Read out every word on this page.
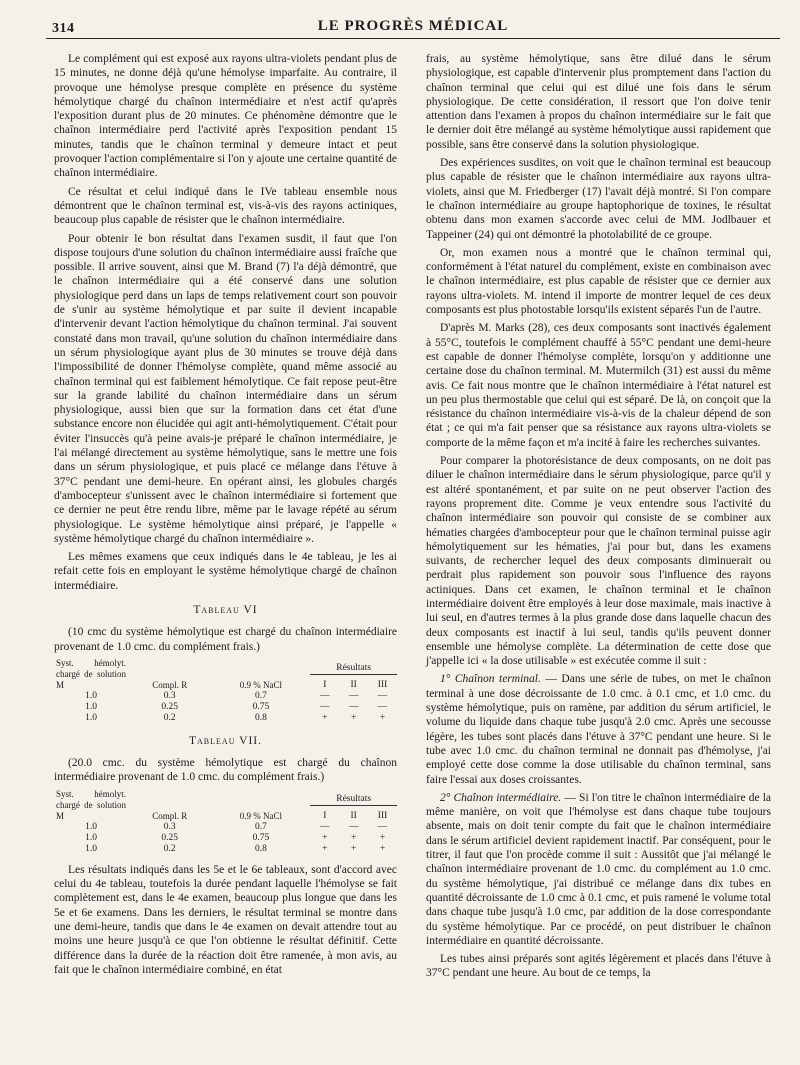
314	LE PROGRÈS MÉDICAL

Le complément qui est exposé aux rayons ultra-violets pendant plus de 15 minutes, ne donne déjà qu'une hémolyse imparfaite. Au contraire, il provoque une hémolyse presque complète en présence du système hémolytique chargé du chaînon intermédiaire et n'est actif qu'après l'exposition durant plus de 20 minutes. Ce phénomène démontre que le chaînon intermédiaire perd l'activité après l'exposition pendant 15 minutes, tandis que le chaînon terminal y demeure intact et peut provoquer l'action complémentaire si l'on y ajoute une certaine quantité de chaînon intermédiaire.

Ce résultat et celui indiqué dans le IVe tableau ensemble nous démontrent que le chaînon terminal est, vis-à-vis des rayons actiniques, beaucoup plus capable de résister que le chaînon intermédiaire.

Pour obtenir le bon résultat dans l'examen susdit, il faut que l'on dispose toujours d'une solution du chaînon intermédiaire aussi fraîche que possible. Il arrive souvent, ainsi que M. Brand (7) l'a déjà démontré, que le chaînon intermédiaire qui a été conservé dans une solution physiologique perd dans un laps de temps relativement court son pouvoir de s'unir au système hémolytique et par suite il devient incapable d'intervenir devant l'action hémolytique du chaînon terminal. J'ai souvent constaté dans mon travail, qu'une solution du chaînon intermédiaire dans un sérum physiologique ayant plus de 30 minutes se trouve déjà dans l'impossibilité de donner l'hémolyse complète, quand même associé au chaînon terminal qui est faiblement hémolytique. Ce fait repose peut-être sur la grande labilité du chaînon intermédiaire dans un sérum physiologique, aussi bien que sur la formation dans cet état d'une substance encore non élucidée qui agit anti-hémolytiquement. C'était pour éviter l'insuccès qu'à peine avais-je préparé le chaînon intermédiaire, je l'ai mélangé directement au système hémolytique, sans le mettre une fois dans un sérum physiologique, et puis placé ce mélange dans l'étuve à 37°C pendant une demi-heure. En opérant ainsi, les globules chargés d'ambocepteur s'unissent avec le chaînon intermédiaire si fortement que ce dernier ne peut être rendu libre, même par le lavage répété au sérum physiologique. Le système hémolytique ainsi préparé, je l'appelle « système hémolytique chargé du chaînon intermédiaire ».

Les mêmes examens que ceux indiqués dans le 4e tableau, je les ai refait cette fois en employant le système hémolytique chargé de chaînon intermédiaire.

Tableau VI

(10 cmc du système hémolytique est chargé du chaînon intermédiaire provenant de 1.0 cmc. du complément frais.)

Syst. hémolyt. chargé de solution M	Compl. R	0.9 % NaCl	Résultats		
			I	II	III
1.0	0.3	0.7	—	—	—
1.0	0.25	0.75	—	—	—
1.0	0.2	0.8	+	+	+
Tableau VII.

(20.0 cmc. du système hémolytique est chargé du chaînon intermédiaire provenant de 1.0 cmc. du complément frais.)

Syst. hémolyt. chargé de solution M	Compl. R	0.9 % NaCl	Résultats		
			I	II	III
1.0	0.3	0.7	—	—	—
1.0	0.25	0.75	+	+	+
1.0	0.2	0.8	+	+	+

Les résultats indiqués dans les 5e et le 6e tableaux, sont d'accord avec celui du 4e tableau, toutefois la durée pendant laquelle l'hémolyse se fait complètement est, dans le 4e examen, beaucoup plus longue que dans les 5e et 6e examens. Dans les derniers, le résultat terminal se montre dans une demi-heure, tandis que dans le 4e examen on devait attendre tout au moins une heure jusqu'à ce que l'on obtienne le résultat définitif. Cette différence dans la durée de la réaction doit être ramenée, à mon avis, au fait que le chaînon intermédiaire combiné, en état

frais, au système hémolytique, sans être dilué dans le sérum physiologique, est capable d'intervenir plus promptement dans l'action du chaînon terminal que celui qui est dilué une fois dans le sérum physiologique. De cette considération, il ressort que l'on doive tenir attention dans l'examen à propos du chaînon intermédiaire sur le fait que le dernier doit être mélangé au système hémolytique aussi rapidement que possible, sans être conservé dans la solution physiologique.

Des expériences susdites, on voit que le chaînon terminal est beaucoup plus capable de résister que le chaînon intermédiaire aux rayons ultra-violets, ainsi que M. Friedberger (17) l'avait déjà montré. Si l'on compare le chaînon intermédiaire au groupe haptophorique de toxines, le résultat obtenu dans mon examen s'accorde avec celui de MM. Jodlbauer et Tappeiner (24) qui ont démontré la photolabilité de ce groupe.

Or, mon examen nous a montré que le chaînon terminal qui, conformément à l'état naturel du complément, existe en combinaison avec le chaînon intermédiaire, est plus capable de résister que ce dernier aux rayons ultra-violets. M. intend il importe de montrer lequel de ces deux composants est plus photostable lorsqu'ils existent séparés l'un de l'autre.

D'après M. Marks (28), ces deux composants sont inactivés également à 55°C, toutefois le complément chauffé à 55°C pendant une demi-heure est capable de donner l'hémolyse complète, lorsqu'on y additionne une certaine dose du chaînon terminal. M. Mutermilch (31) est aussi du même avis. Ce fait nous montre que le chaînon intermédiaire à l'état naturel est un peu plus thermostable que celui qui est séparé. De là, on conçoit que la résistance du chaînon intermédiaire vis-à-vis de la chaleur dépend de son état ; ce qui m'a fait penser que sa résistance aux rayons ultra-violets se comporte de la même façon et m'a incité à faire les recherches suivantes.

Pour comparer la photorésistance de deux composants, on ne doit pas diluer le chaînon intermédiaire dans le sérum physiologique, parce qu'il y est altéré spontanément, et par suite on ne peut observer l'action des rayons proprement dite. Comme je veux entendre sous l'activité du chaînon intermédiaire son pouvoir qui consiste de se combiner aux hématies chargées d'ambocepteur pour que le chaînon terminal puisse agir hémolytiquement sur les hématies, j'ai pour but, dans les examens suivants, de rechercher lequel des deux composants diminuerait ou perdrait plus rapidement son pouvoir sous l'influence des rayons actiniques. Dans cet examen, le chaînon terminal et le chaînon intermédiaire doivent être employés à leur dose maximale, mais inactive à lui seul, en d'autres termes à la plus grande dose dans laquelle chacun des deux composants est inactif à lui seul, tandis qu'ils peuvent donner ensemble une hémolyse complète. La détermination de cette dose que j'appelle ici « la dose utilisable » est exécutée comme il suit :

1° Chaînon terminal. — Dans une série de tubes, on met le chaînon terminal à une dose décroissante de 1.0 cmc. à 0.1 cmc, et 1.0 cmc. du système hémolytique, puis on ramène, par addition du sérum artificiel, le volume du liquide dans chaque tube jusqu'à 2.0 cmc. Après une secousse légère, les tubes sont placés dans l'étuve à 37°C pendant une heure. Si le tube avec 1.0 cmc. du chaînon terminal ne donnait pas d'hémolyse, j'ai employé cette dose comme la dose utilisable du chaînon terminal, sans faire l'essai aux doses croissantes.

2° Chaînon intermédiaire. — Si l'on titre le chaînon intermédiaire de la même manière, on voit que l'hémolyse est dans chaque tube toujours absente, mais on doit tenir compte du fait que le chaînon intermédiaire dans le sérum artificiel devient rapidement inactif. Par conséquent, pour le titrer, il faut que l'on procède comme il suit : Aussitôt que j'ai mélangé le chaînon intermédiaire provenant de 1.0 cmc. du complément au 1.0 cmc. du système hémolytique, j'ai distribué ce mélange dans dix tubes en quantité décroissante de 1.0 cmc à 0.1 cmc, et puis ramené le volume total dans chaque tube jusqu'à 1.0 cmc, par addition de la dose correspondante du système hémolytique. Par ce procédé, on peut distribuer le chaînon intermédiaire en quantité décroissante.

Les tubes ainsi préparés sont agités légèrement et placés dans l'étuve à 37°C pendant une heure. Au bout de ce temps, la
